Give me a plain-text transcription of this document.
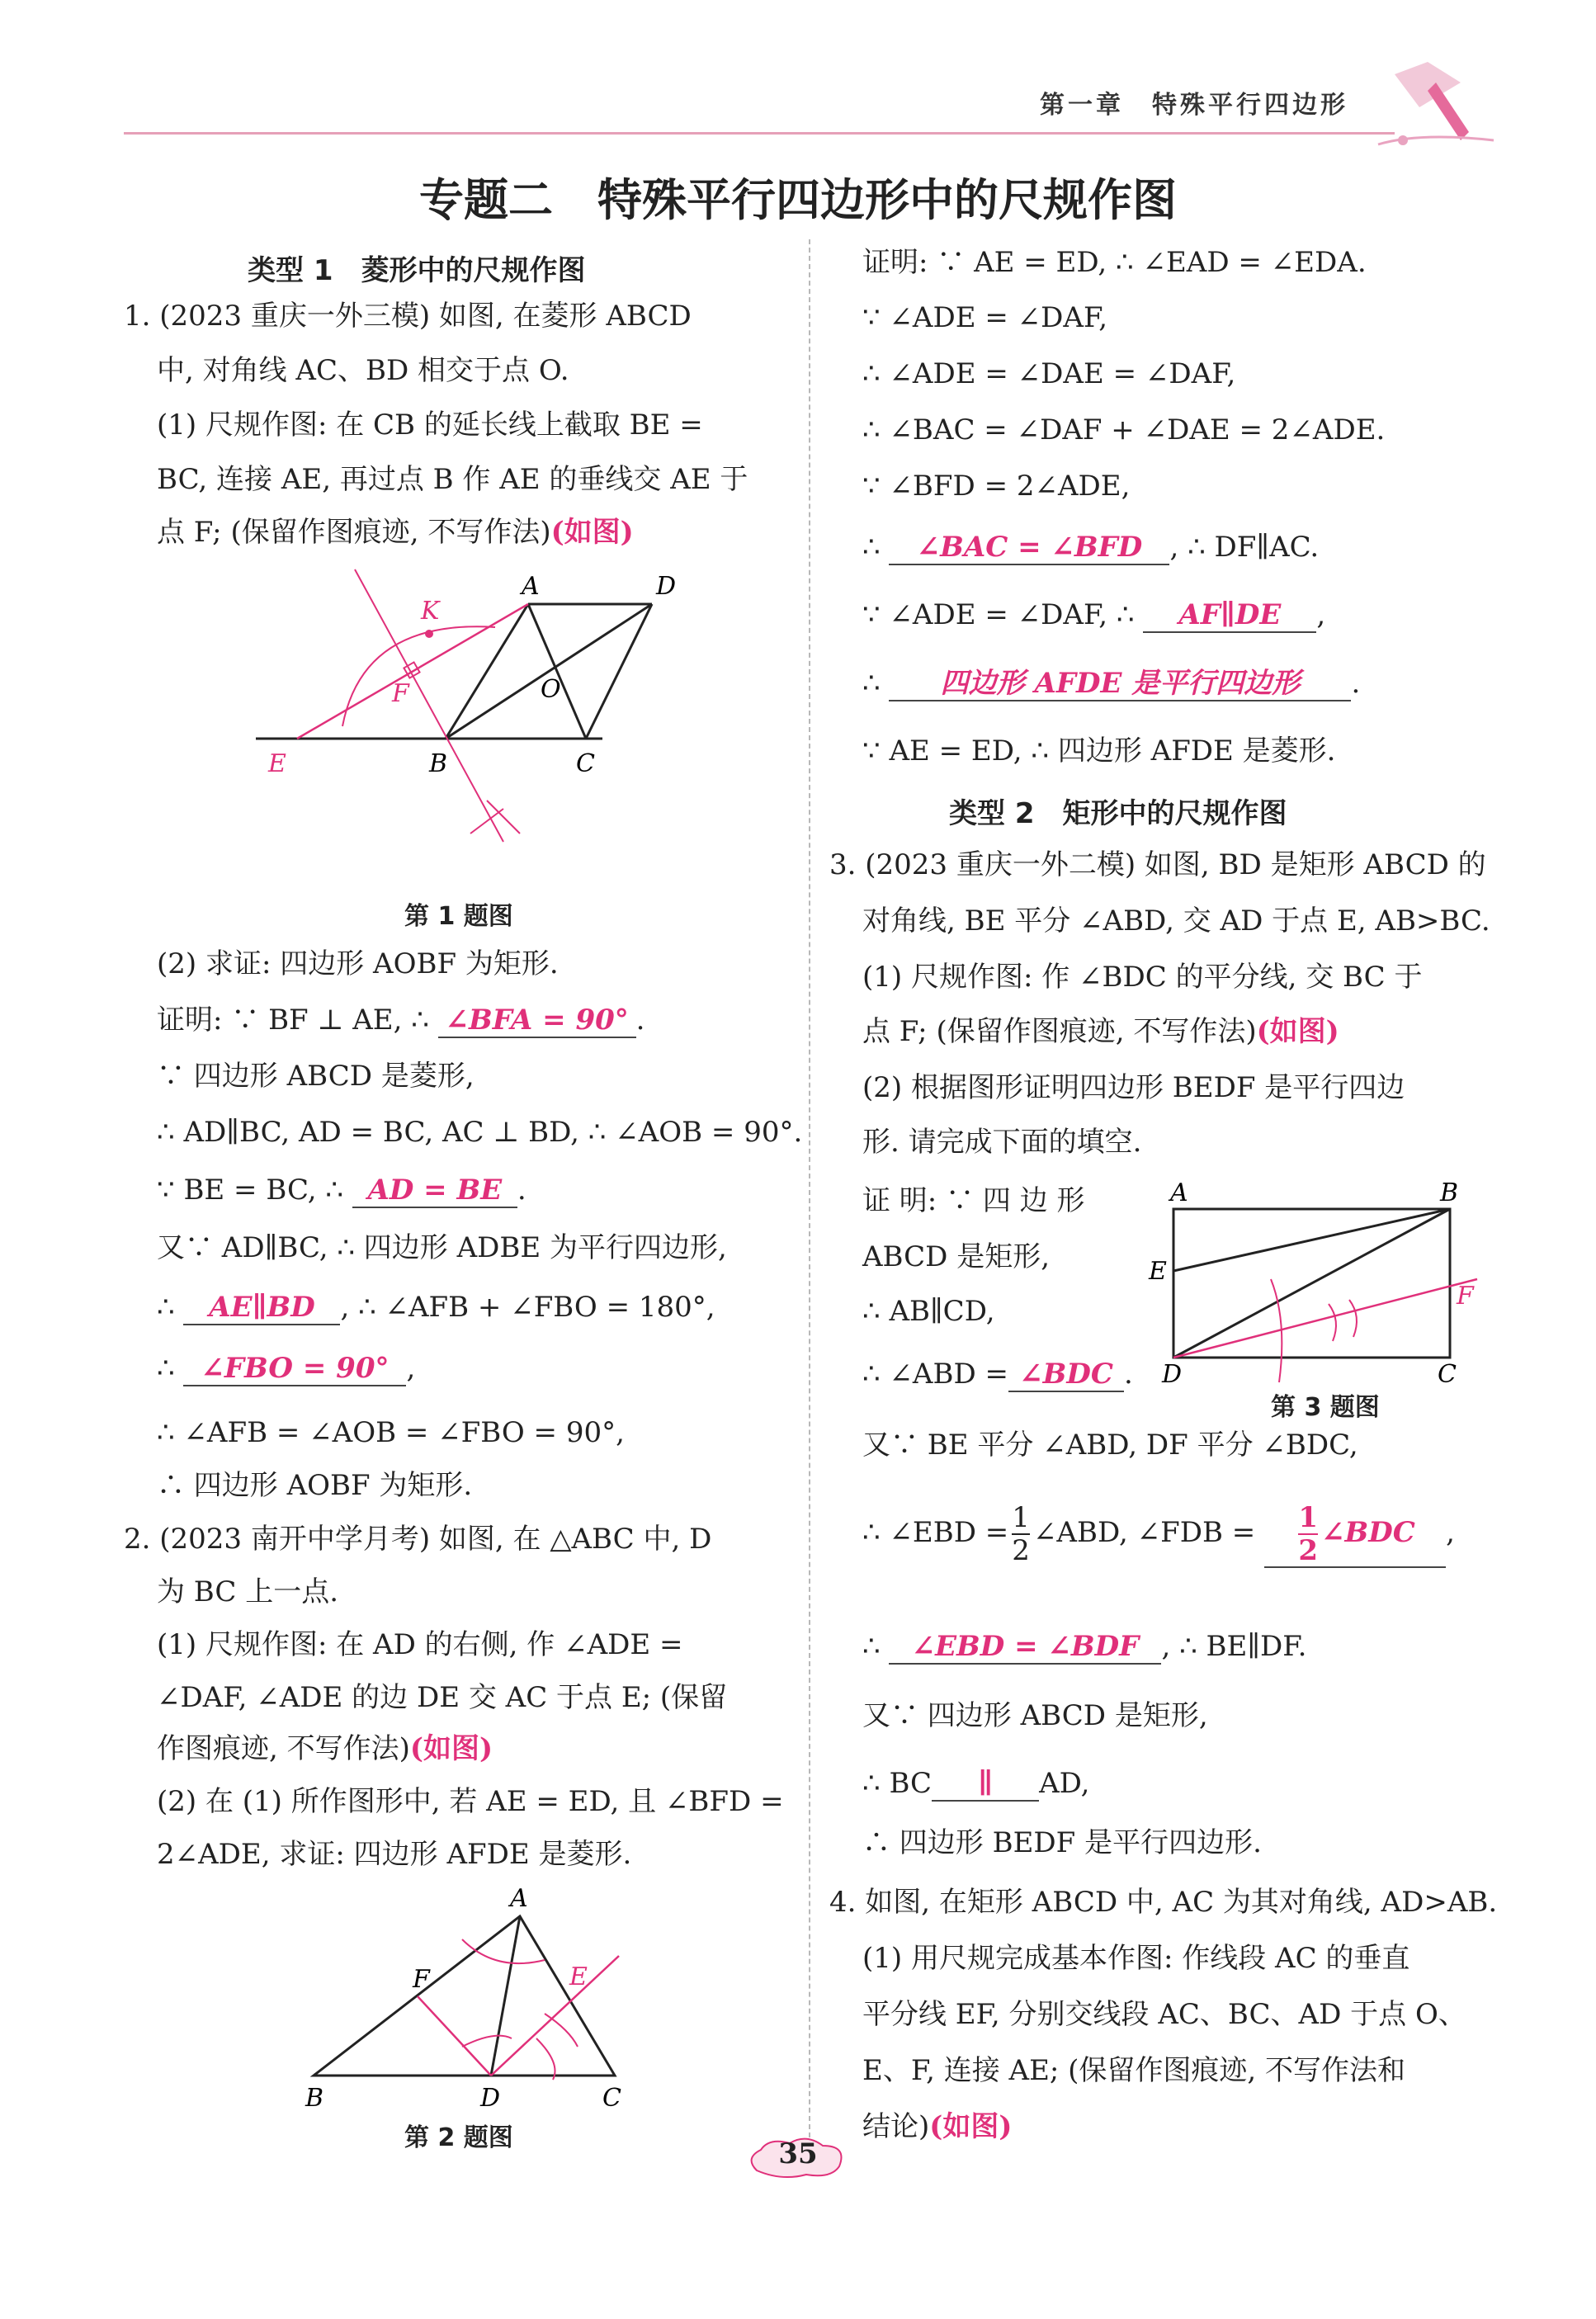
第一章　特殊平行四边形
专题二　特殊平行四边形中的尺规作图
类型 1　菱形中的尺规作图
1. (2023 重庆一外三模) 如图, 在菱形 ABCD
中, 对角线 AC、BD 相交于点 O.
(1) 尺规作图: 在 CB 的延长线上截取 BE =
BC, 连接 AE, 再过点 B 作 AE 的垂线交 AE 于
点 F; (保留作图痕迹, 不写作法)(如图)
K
A	D
F	O
E	B	C
第 1 题图
(2) 求证: 四边形 AOBF 为矩形.
证明: ∵ BF ⊥ AE, ∴ ∠BFA = 90° .
∵ 四边形 ABCD 是菱形,
∴ AD∥BC, AD = BC, AC ⊥ BD, ∴ ∠AOB = 90°.
∵ BE = BC, ∴ AD = BE .
又∵ AD∥BC, ∴ 四边形 ADBE 为平行四边形,
∴ AE∥BD , ∴ ∠AFB + ∠FBO = 180°,
∴ ∠FBO = 90° ,
∴ ∠AFB = ∠AOB = ∠FBO = 90°,
∴ 四边形 AOBF 为矩形.
2. (2023 南开中学月考) 如图, 在 △ABC 中, D
为 BC 上一点.
(1) 尺规作图: 在 AD 的右侧, 作 ∠ADE =
∠DAF, ∠ADE 的边 DE 交 AC 于点 E; (保留
作图痕迹, 不写作法)(如图)
(2) 在 (1) 所作图形中, 若 AE = ED, 且 ∠BFD =
2∠ADE, 求证: 四边形 AFDE 是菱形.
A
F	E
B	D	C
第 2 题图
证明: ∵ AE = ED, ∴ ∠EAD = ∠EDA.
∵ ∠ADE = ∠DAF,
∴ ∠ADE = ∠DAE = ∠DAF,
∴ ∠BAC = ∠DAF + ∠DAE = 2∠ADE.
∵ ∠BFD = 2∠ADE,
∴ ∠BAC = ∠BFD , ∴ DF∥AC.
∵ ∠ADE = ∠DAF, ∴ AF∥DE ,
∴ 四边形 AFDE 是平行四边形 .
∵ AE = ED, ∴ 四边形 AFDE 是菱形.
类型 2　矩形中的尺规作图
3. (2023 重庆一外二模) 如图, BD 是矩形 ABCD 的
对角线, BE 平分 ∠ABD, 交 AD 于点 E, AB>BC.
(1) 尺规作图: 作 ∠BDC 的平分线, 交 BC 于
点 F; (保留作图痕迹, 不写作法)(如图)
(2) 根据图形证明四边形 BEDF 是平行四边
形. 请完成下面的填空.
证 明: ∵ 四 边 形
ABCD 是矩形,
∴ AB∥CD,
∴ ∠ABD = ∠BDC .
A	B
E
F
D	C
第 3 题图
又∵ BE 平分 ∠ABD, DF 平分 ∠BDC,
∴ ∠EBD = $\frac{1}{2}$ ∠ABD, ∠FDB = $\frac{1}{2}$ ∠BDC ,
∴ ∠EBD = ∠BDF , ∴ BE∥DF.
又∵ 四边形 ABCD 是矩形,
∴ BC ∥ AD,
∴ 四边形 BEDF 是平行四边形.
4. 如图, 在矩形 ABCD 中, AC 为其对角线, AD>AB.
(1) 用尺规完成基本作图: 作线段 AC 的垂直
平分线 EF, 分别交线段 AC、BC、AD 于点 O、
E、F, 连接 AE; (保留作图痕迹, 不写作法和
结论)(如图)
35
